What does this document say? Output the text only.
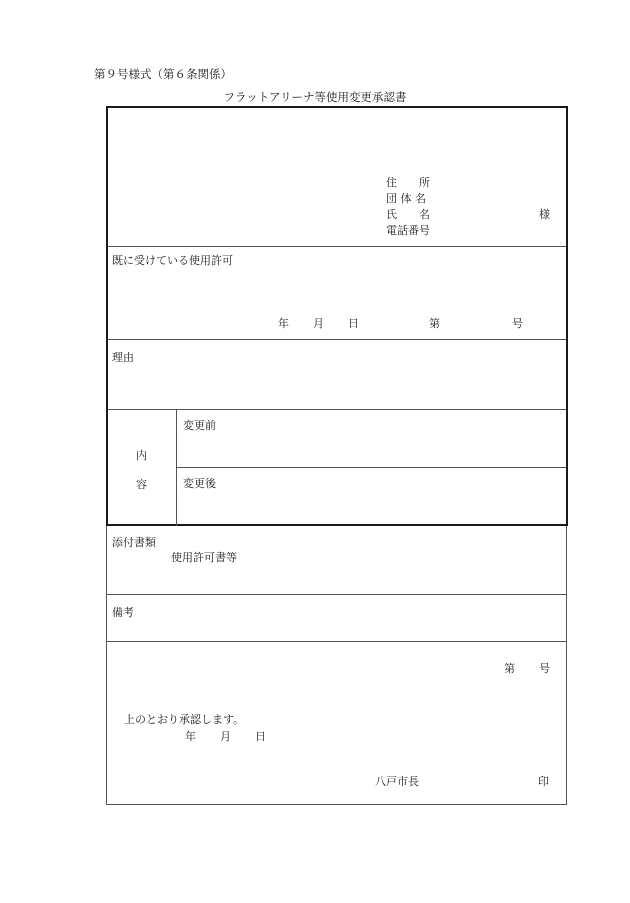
第９号様式（第６条関係）
フラットアリーナ等使用変更承認書
住　　所
団 体 名
氏　　名	様
電話番号
既に受けている使用許可
年 月 日	第	号
理由
内
容
変更前
変更後
添付書類
使用許可書等
備考
第 号
上のとおり承認します。
年 月 日
八戸市長	印
